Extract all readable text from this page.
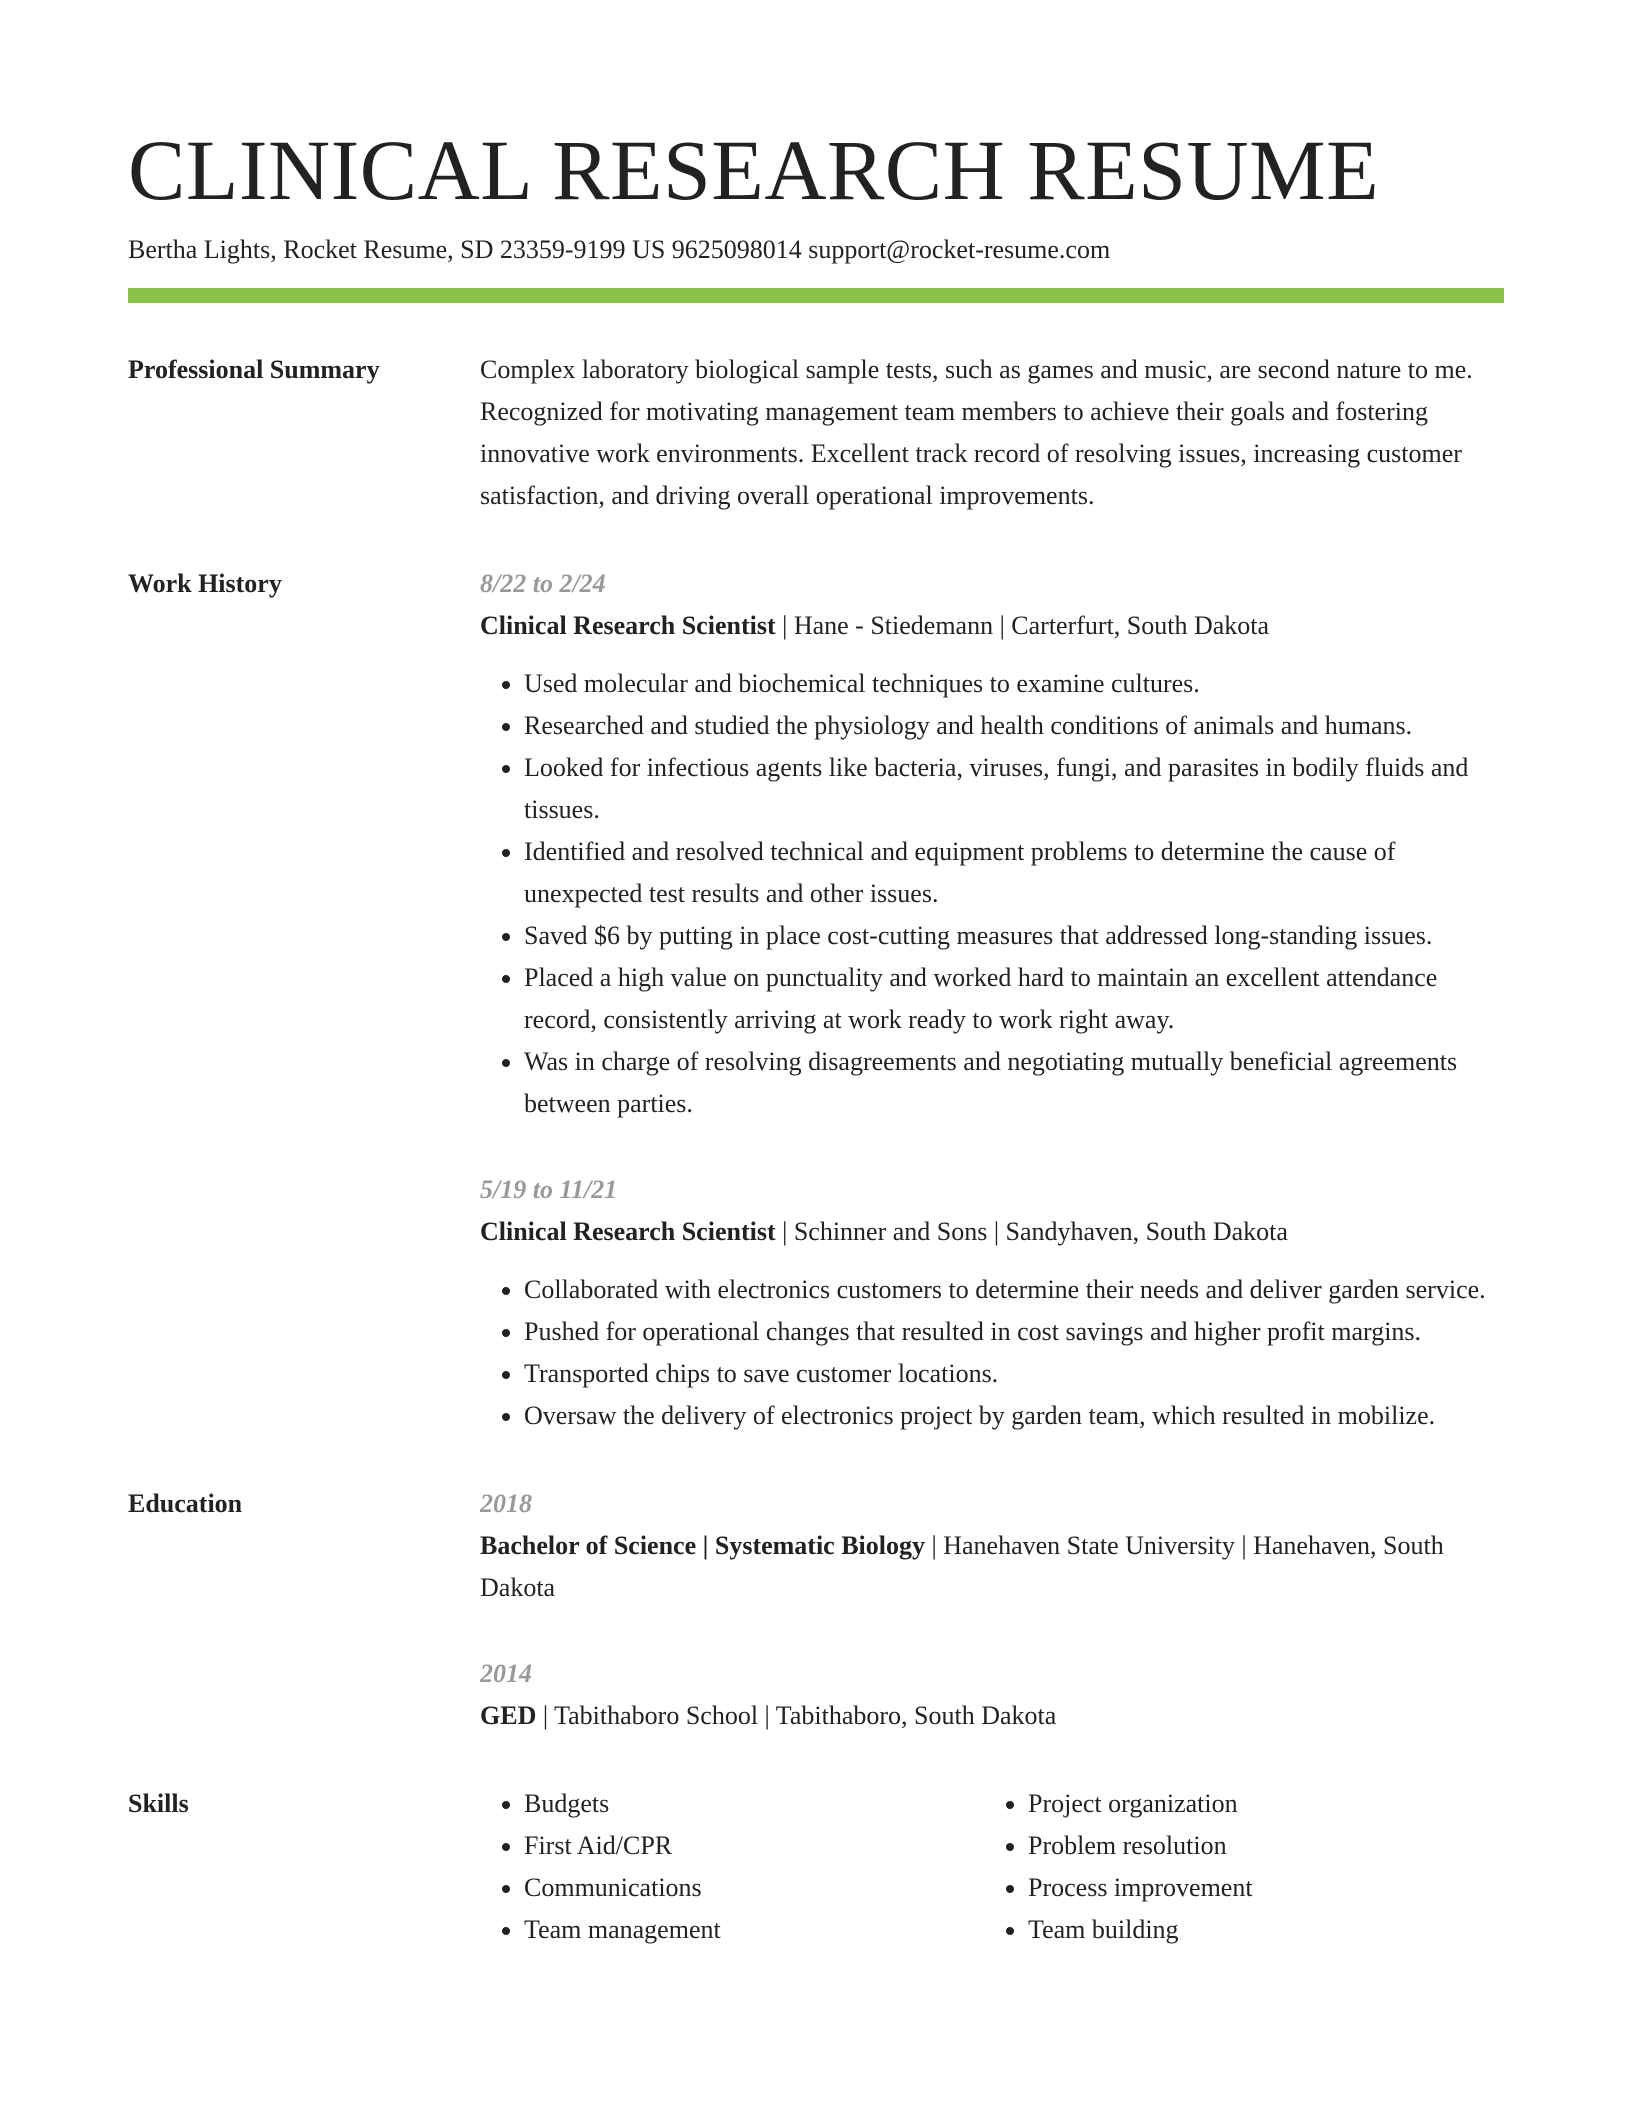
CLINICAL RESEARCH RESUME
Bertha Lights, Rocket Resume, SD 23359-9199 US 9625098014 support@rocket-resume.com
Professional Summary	Complex laboratory biological sample tests, such as games and music, are second nature to me. Recognized for motivating management team members to achieve their goals and fostering innovative work environments. Excellent track record of resolving issues, increasing customer satisfaction, and driving overall operational improvements.

Work History	8/22 to 2/24

Clinical Research Scientist | Hane - Stiedemann | Carterfurt, South Dakota

• Used molecular and biochemical techniques to examine cultures.
• Researched and studied the physiology and health conditions of animals and humans.
• Looked for infectious agents like bacteria, viruses, fungi, and parasites in bodily fluids and tissues.
• Identified and resolved technical and equipment problems to determine the cause of unexpected test results and other issues.
• Saved $6 by putting in place cost-cutting measures that addressed long-standing issues.
• Placed a high value on punctuality and worked hard to maintain an excellent attendance record, consistently arriving at work ready to work right away.
• Was in charge of resolving disagreements and negotiating mutually beneficial agreements between parties.
5/19 to 11/21

Clinical Research Scientist | Schinner and Sons | Sandyhaven, South Dakota

• Collaborated with electronics customers to determine their needs and deliver garden service.
• Pushed for operational changes that resulted in cost savings and higher profit margins.
• Transported chips to save customer locations.
• Oversaw the delivery of electronics project by garden team, which resulted in mobilize.
Education	2018

Bachelor of Science | Systematic Biology | Hanehaven State University | Hanehaven, South Dakota

2014

GED | Tabithaboro School | Tabithaboro, South Dakota

Skills
•	Budgets
• First Aid/CPR
• Communications
• Team management
• Project organization
• Problem resolution
• Process improvement
• Team building
